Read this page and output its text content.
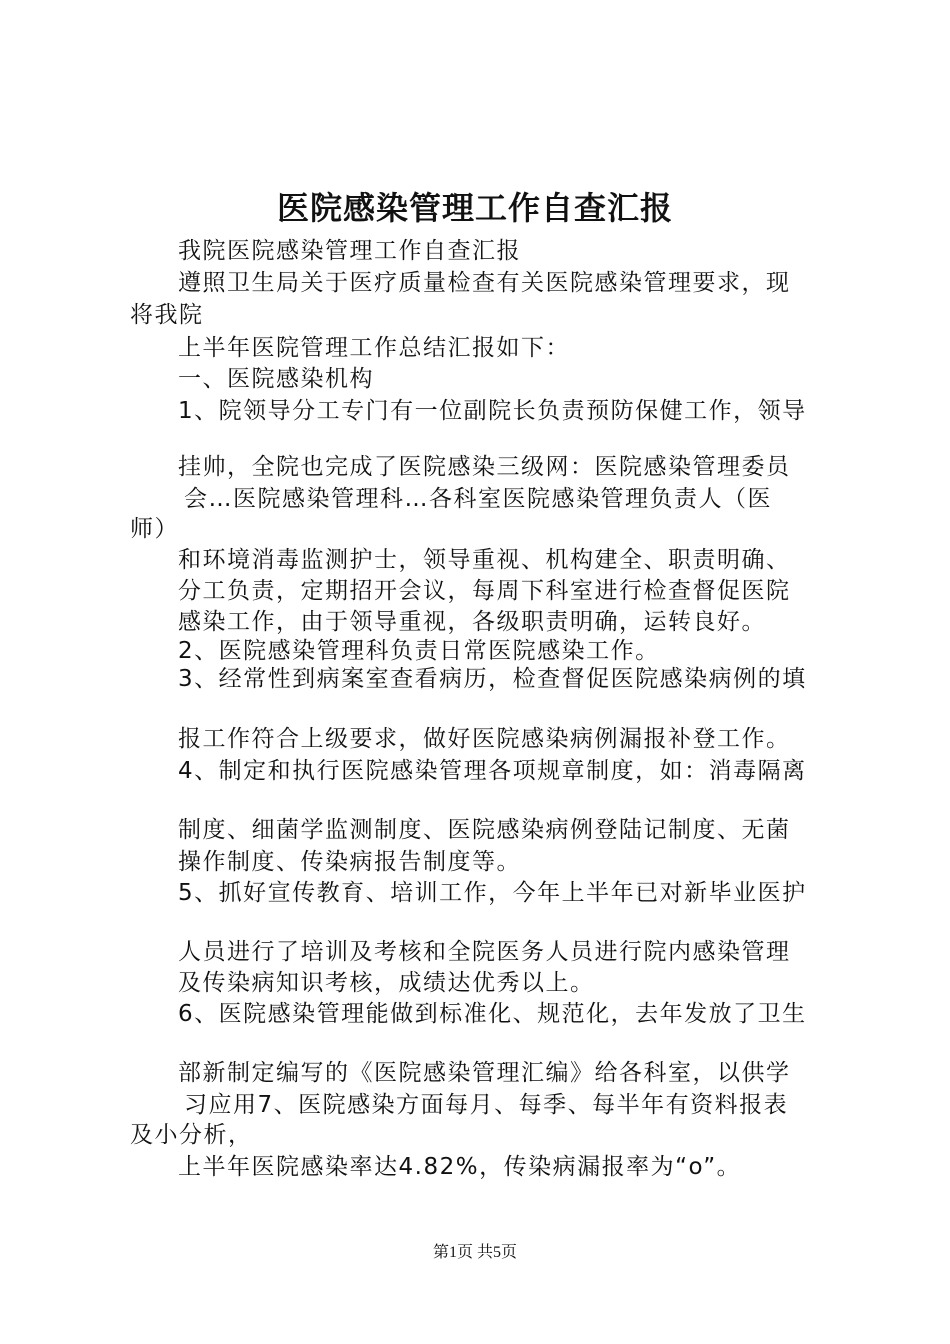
医院感染管理工作自查汇报
我院医院感染管理工作自查汇报
遵照卫生局关于医疗质量检查有关医院感染管理要求，现
将我院
上半年医院管理工作总结汇报如下：
一、医院感染机构
1、院领导分工专门有一位副院长负责预防保健工作，领导
挂帅，全院也完成了医院感染三级网：医院感染管理委员
会…医院感染管理科…各科室医院感染管理负责人（医
师）
和环境消毒监测护士，领导重视、机构建全、职责明确、
分工负责，定期招开会议，每周下科室进行检查督促医院
感染工作，由于领导重视，各级职责明确，运转良好。
2、医院感染管理科负责日常医院感染工作。
3、经常性到病案室查看病历，检查督促医院感染病例的填
报工作符合上级要求，做好医院感染病例漏报补登工作。
4、制定和执行医院感染管理各项规章制度，如：消毒隔离
制度、细菌学监测制度、医院感染病例登陆记制度、无菌
操作制度、传染病报告制度等。
5、抓好宣传教育、培训工作，今年上半年已对新毕业医护
人员进行了培训及考核和全院医务人员进行院内感染管理
及传染病知识考核，成绩达优秀以上。
6、医院感染管理能做到标准化、规范化，去年发放了卫生
部新制定编写的《医院感染管理汇编》给各科室，以供学
习应用7、医院感染方面每月、每季、每半年有资料报表
及小分析，
上半年医院感染率达4.82%，传染病漏报率为“o”。
第1页 共5页
